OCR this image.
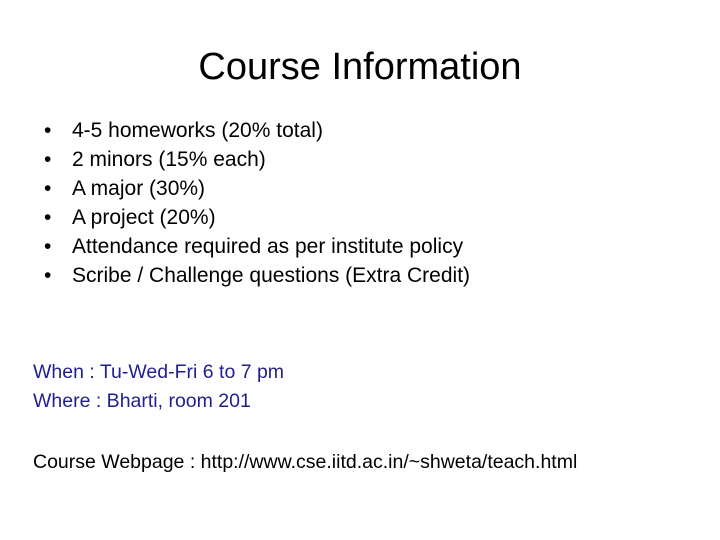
Course Information
• 4-5 homeworks (20% total)
• 2 minors (15% each)
• A major (30%)
• A project (20%)
• Attendance required as per institute policy
• Scribe / Challenge questions (Extra Credit)
When : Tu-Wed-Fri 6 to 7 pm
Where : Bharti, room 201
Course Webpage : http://www.cse.iitd.ac.in/~shweta/teach.html
